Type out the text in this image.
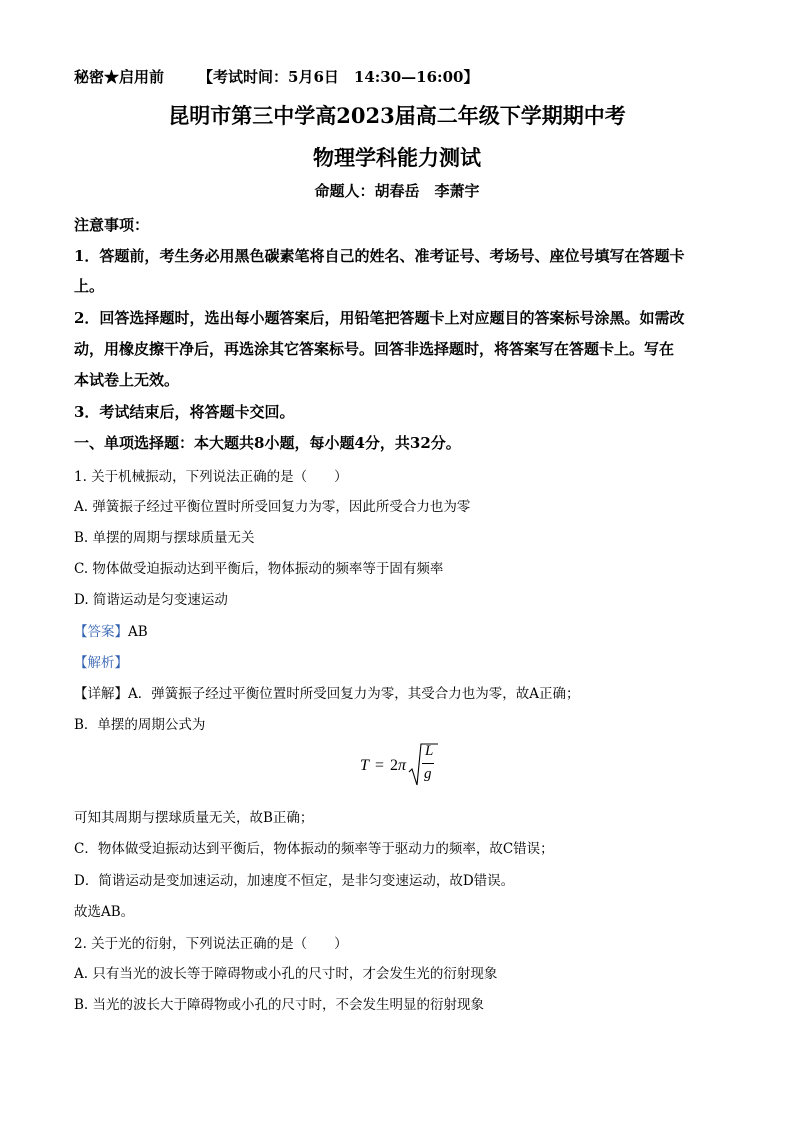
秘密★启用前 【考试时间：5月6日　14:30—16:00】
昆明市第三中学高2023届高二年级下学期期中考
物理学科能力测试
命题人：胡春岳　李萧宇
注意事项：
1．答题前，考生务必用黑色碳素笔将自己的姓名、准考证号、考场号、座位号填写在答题卡
上。
2．回答选择题时，选出每小题答案后，用铅笔把答题卡上对应题目的答案标号涂黑。如需改
动，用橡皮擦干净后，再选涂其它答案标号。回答非选择题时，将答案写在答题卡上。写在
本试卷上无效。
3．考试结束后，将答题卡交回。
一、单项选择题：本大题共8小题，每小题4分，共32分。
1. 关于机械振动，下列说法正确的是（　　）
A. 弹簧振子经过平衡位置时所受回复力为零，因此所受合力也为零
B. 单摆的周期与摆球质量无关
C. 物体做受迫振动达到平衡后，物体振动的频率等于固有频率
D. 简谐运动是匀变速运动
【答案】AB
【解析】
【详解】A．弹簧振子经过平衡位置时所受回复力为零，其受合力也为零，故A正确；
B．单摆的周期公式为
T = 2 π
L
g
可知其周期与摆球质量无关，故B正确；
C．物体做受迫振动达到平衡后，物体振动的频率等于驱动力的频率，故C错误；
D．简谐运动是变加速运动，加速度不恒定，是非匀变速运动，故D错误。
故选AB。
2. 关于光的衍射，下列说法正确的是（　　）
A. 只有当光的波长等于障碍物或小孔的尺寸时，才会发生光的衍射现象
B. 当光的波长大于障碍物或小孔的尺寸时，不会发生明显的衍射现象
